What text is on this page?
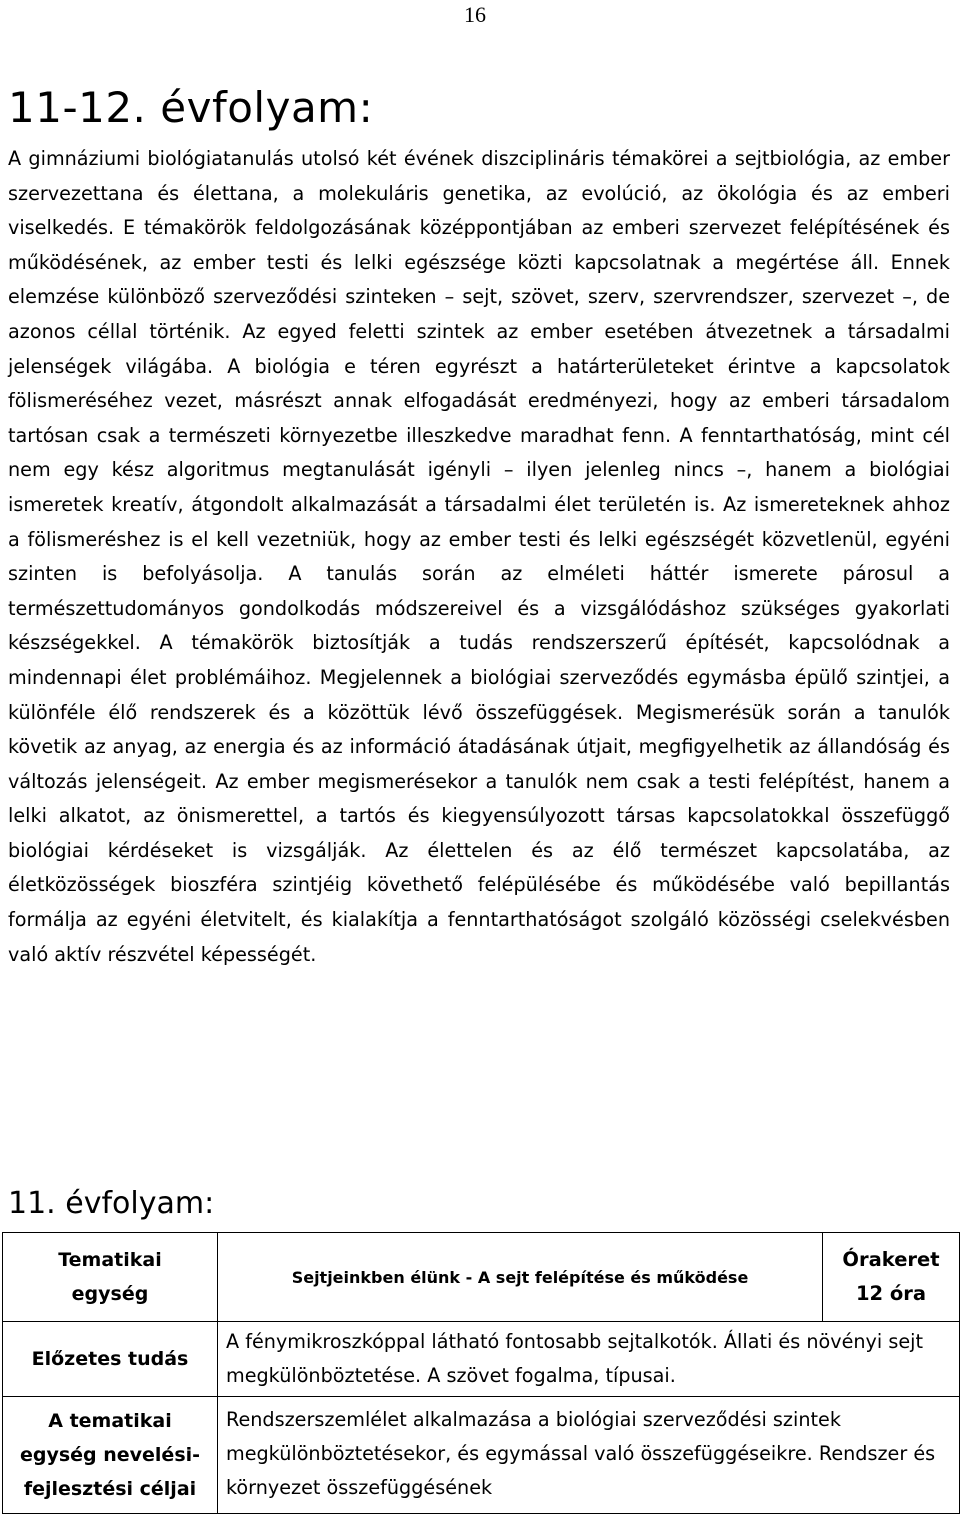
16
11-12. évfolyam:

A gimnáziumi biológiatanulás utolsó két évének diszciplináris témakörei a sejtbiológia, az ember szervezettana és élettana, a molekuláris genetika, az evolúció, az ökológia és az emberi viselkedés. E témakörök feldolgozásának középpontjában az emberi szervezet felépítésének és működésének, az ember testi és lelki egészsége közti kapcsolatnak a megértése áll. Ennek elemzése különböző szerveződési szinteken – sejt, szövet, szerv, szervrendszer, szervezet –, de azonos céllal történik. Az egyed feletti szintek az ember esetében átvezetnek a társadalmi jelenségek világába. A biológia e téren egyrészt a határterületeket érintve a kapcsolatok fölismeréséhez vezet, másrészt annak elfogadását eredményezi, hogy az emberi társadalom tartósan csak a természeti környezetbe illeszkedve maradhat fenn. A fenntarthatóság, mint cél nem egy kész algoritmus megtanulását igényli – ilyen jelenleg nincs –, hanem a biológiai ismeretek kreatív, átgondolt alkalmazását a társadalmi élet területén is. Az ismereteknek ahhoz a fölismeréshez is el kell vezetniük, hogy az ember testi és lelki egészségét közvetlenül, egyéni szinten is befolyásolja. A tanulás során az elméleti háttér ismerete párosul a természettudományos gondolkodás módszereivel és a vizsgálódáshoz szükséges gyakorlati készségekkel. A témakörök biztosítják a tudás rendszerszerű építését, kapcsolódnak a mindennapi élet problémáihoz. Megjelennek a biológiai szerveződés egymásba épülő szintjei, a különféle élő rendszerek és a közöttük lévő összefüggések. Megismerésük során a tanulók követik az anyag, az energia és az információ átadásának útjait, megfigyelhetik az állandóság és változás jelenségeit. Az ember megismerésekor a tanulók nem csak a testi felépítést, hanem a lelki alkatot, az önismerettel, a tartós és kiegyensúlyozott társas kapcsolatokkal összefüggő biológiai kérdéseket is vizsgálják. Az élettelen és az élő természet kapcsolatába, az életközösségek bioszféra szintjéig követhető felépülésébe és működésébe való bepillantás formálja az egyéni életvitelt, és kialakítja a fenntarthatóságot szolgáló közösségi cselekvésben való aktív részvétel képességét.

11. évfolyam:
Tematikai
egység	Sejtjeinkben élünk - A sejt felépítése és működése	Órakeret
12 óra

Előzetes tudás	A fénymikroszkóppal látható fontosabb sejtalkotók. Állati és növényi sejt megkülönböztetése. A szövet fogalma, típusai.	

A tematikai
egység nevelési-
fejlesztési céljai	Rendszerszemlélet alkalmazása a biológiai szerveződési szintek megkülönböztetésekor, és egymással való összefüggéseikre. Rendszer és környezet összefüggésének	
